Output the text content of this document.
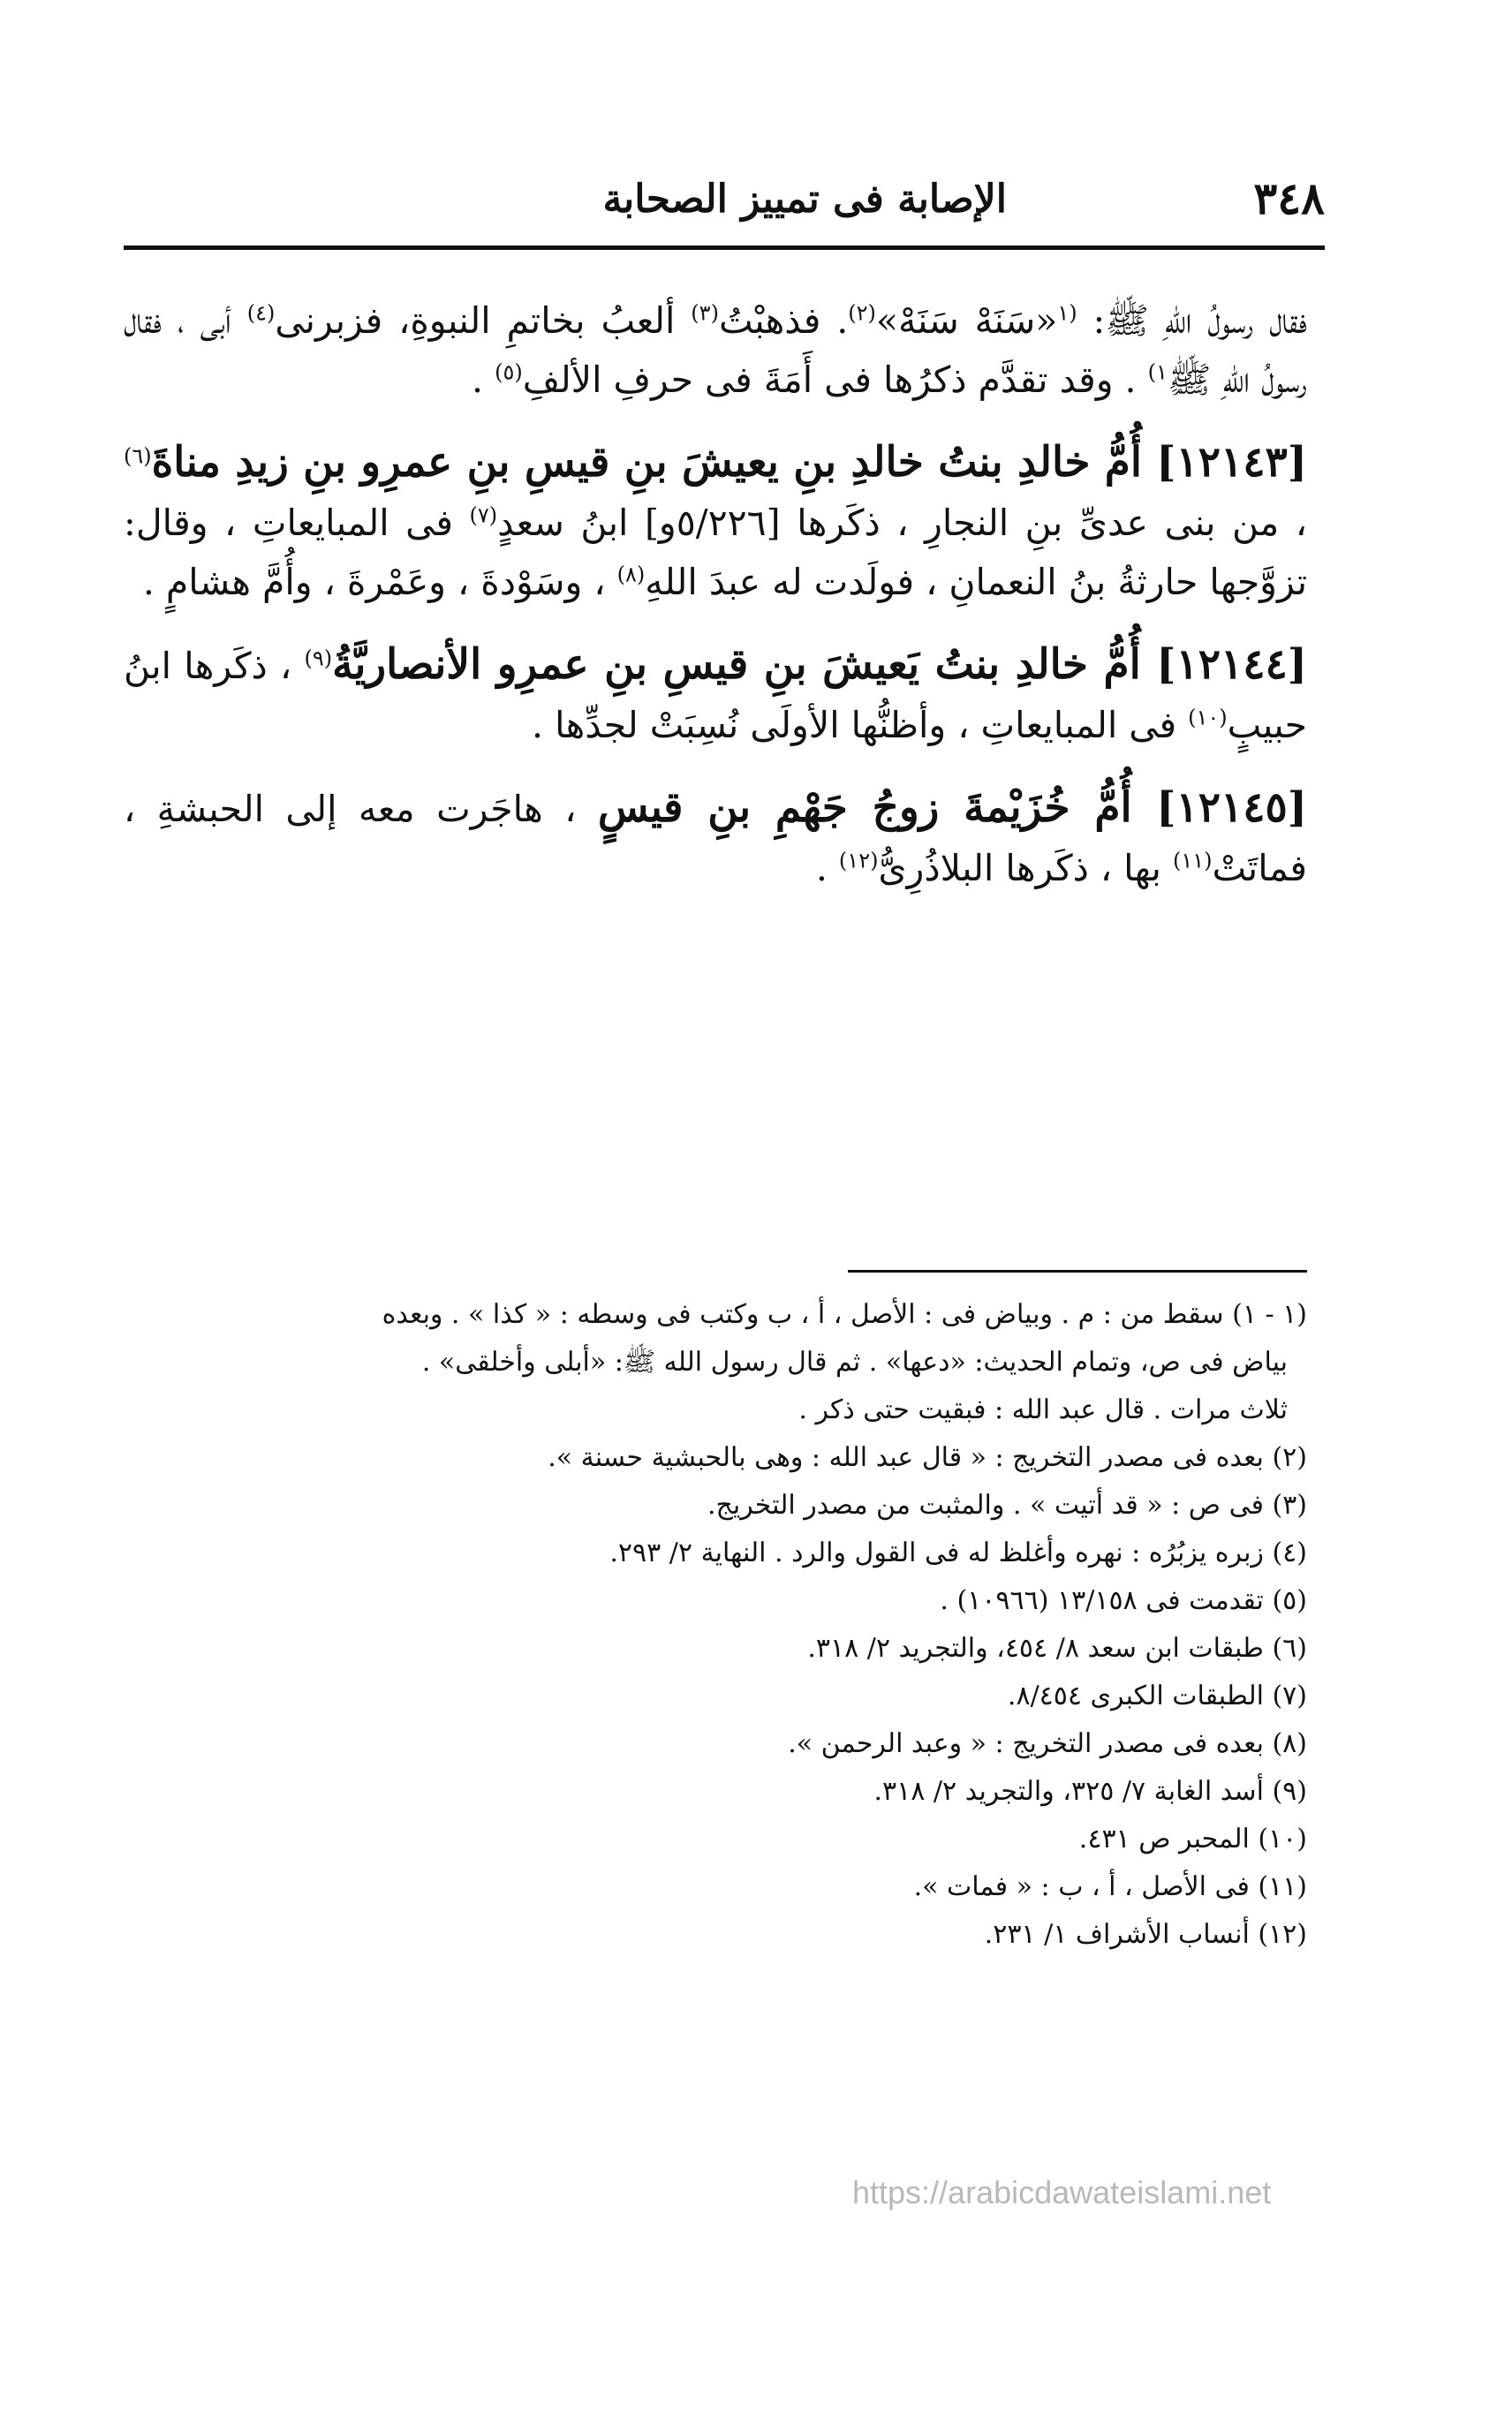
٣٤٨
الإصابة فى تمييز الصحابة

فقال رسولُ اللهِ ﷺ: $^{(١}$«سَنَهْ سَنَهْ»$^{(٢)}$. فذهبْتُ$^{(٣)}$ ألعبُ بخاتمِ النبوةِ، فزبرنى$^{(٤)}$ أبى ، فقال رسولُ اللهِ ﷺ$^{١)}$ . وقد تقدَّم ذكرُها فى أَمَةَ فى حرفِ الألفِ$^{(٥)}$ .

[١٢١٤٣] أُمُّ خالدِ بنتُ خالدِ بنِ يعيشَ بنِ قيسِ بنِ عمرِو بنِ زيدِ مناةَ$^{(٦)}$ ، من بنى عدىِّ بنِ النجارِ ، ذكَرها [٥/٢٢٦و] ابنُ سعدٍ$^{(٧)}$ فى المبايعاتِ ، وقال: تزوَّجها حارثةُ بنُ النعمانِ ، فولَدت له عبدَ اللهِ$^{(٨)}$ ، وسَوْدةَ ، وعَمْرةَ ، وأُمَّ هشامٍ .

[١٢١٤٤] أُمُّ خالدِ بنتُ يَعيشَ بنِ قيسِ بنِ عمرِو الأنصاريَّةُ$^{(٩)}$ ، ذكَرها ابنُ حبيبٍ$^{(١٠)}$ فى المبايعاتِ ، وأظنُّها الأولَى نُسِبَتْ لجدِّها .

[١٢١٤٥] أُمُّ خُزَيْمةَ زوجُ جَهْمِ بنِ قيسٍ ، هاجَرت معه إلى الحبشةِ ، فماتَتْ$^{(١١)}$ بها ، ذكَرها البلاذُرِىُّ$^{(١٢)}$ .

(١ - ١) سقط من : م . وبياض فى : الأصل ، أ ، ب وكتب فى وسطه : « كذا » . وبعده

بياض فى ص، وتمام الحديث: «دعها» . ثم قال رسول الله ﷺ: «أبلى وأخلقى» .

ثلاث مرات . قال عبد الله : فبقيت حتى ذكر .

(٢) بعده فى مصدر التخريج : « قال عبد الله : وهى بالحبشية حسنة ».

(٣) فى ص : « قد أتيت » . والمثبت من مصدر التخريج.

(٤) زبره يزبُرُه : نهره وأغلظ له فى القول والرد . النهاية ٢/ ٢٩٣.

(٥) تقدمت فى ١٣/١٥٨ (١٠٩٦٦) .

(٦) طبقات ابن سعد ٨/ ٤٥٤، والتجريد ٢/ ٣١٨.

(٧) الطبقات الكبرى ٨/٤٥٤.

(٨) بعده فى مصدر التخريج : « وعبد الرحمن ».

(٩) أسد الغابة ٧/ ٣٢٥، والتجريد ٢/ ٣١٨.

(١٠) المحبر ص ٤٣١.

(١١) فى الأصل ، أ ، ب : « فمات ».

(١٢) أنساب الأشراف ١/ ٢٣١.

https://arabicdawateislami.net
